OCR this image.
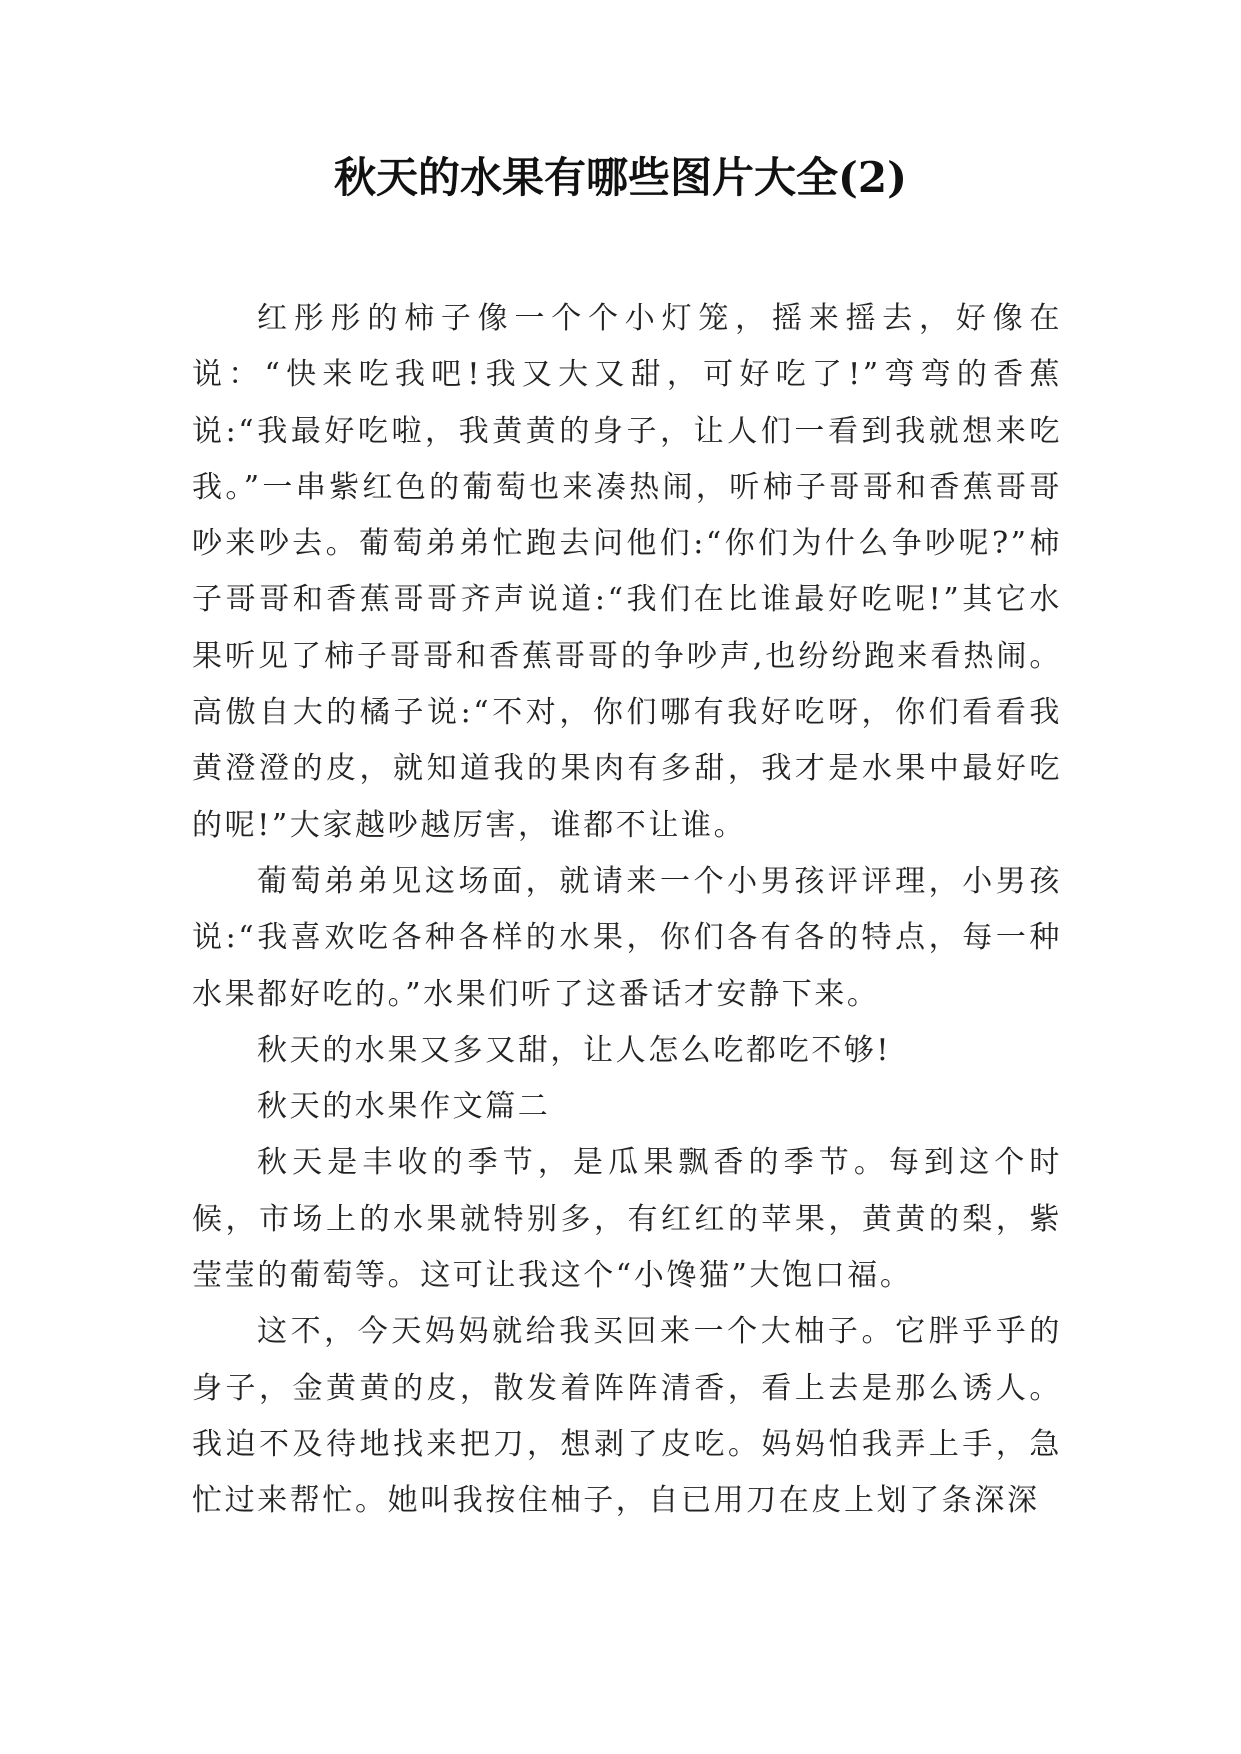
秋天的水果有哪些图片大全(2)

红彤彤的柿子像一个个小灯笼，摇来摇去，好像在说：“快来吃我吧!我又大又甜，可好吃了!”弯弯的香蕉说:“我最好吃啦，我黄黄的身子，让人们一看到我就想来吃我。”一串紫红色的葡萄也来凑热闹，听柿子哥哥和香蕉哥哥吵来吵去。葡萄弟弟忙跑去问他们:“你们为什么争吵呢?”柿子哥哥和香蕉哥哥齐声说道:“我们在比谁最好吃呢!”其它水果听见了柿子哥哥和香蕉哥哥的争吵声,也纷纷跑来看热闹。高傲自大的橘子说:“不对，你们哪有我好吃呀，你们看看我黄澄澄的皮，就知道我的果肉有多甜，我才是水果中最好吃的呢!”大家越吵越厉害，谁都不让谁。

葡萄弟弟见这场面，就请来一个小男孩评评理，小男孩说:“我喜欢吃各种各样的水果，你们各有各的特点，每一种水果都好吃的。”水果们听了这番话才安静下来。

秋天的水果又多又甜，让人怎么吃都吃不够!

秋天的水果作文篇二

秋天是丰收的季节，是瓜果飘香的季节。每到这个时候，市场上的水果就特别多，有红红的苹果，黄黄的梨，紫莹莹的葡萄等。这可让我这个“小馋猫”大饱口福。

这不，今天妈妈就给我买回来一个大柚子。它胖乎乎的身子，金黄黄的皮，散发着阵阵清香，看上去是那么诱人。我迫不及待地找来把刀，想剥了皮吃。妈妈怕我弄上手，急忙过来帮忙。她叫我按住柚子，自已用刀在皮上划了条深深
